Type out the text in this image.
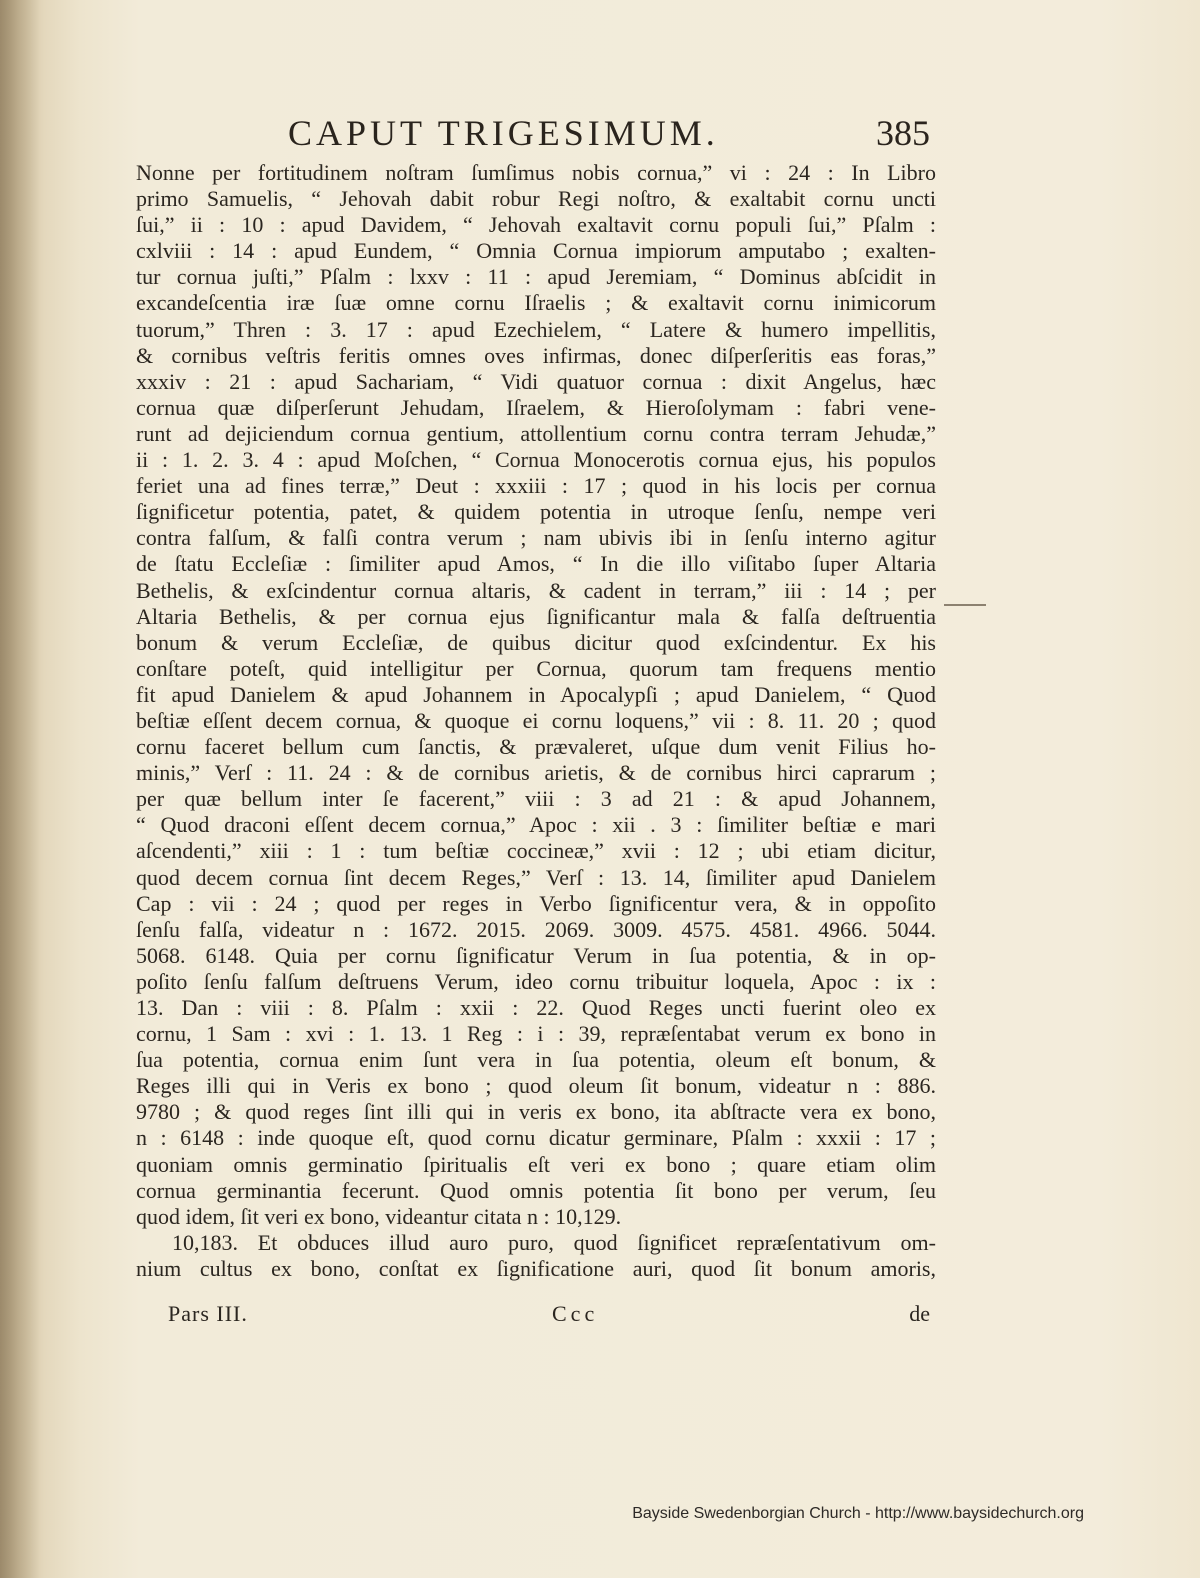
CAPUT TRIGESIMUM.	385
Nonne per fortitudinem noſtram ſumſimus nobis cornua,” vi : 24 : In Libro
primo Samuelis, “ Jehovah dabit robur Regi noſtro, & exaltabit cornu uncti
ſui,” ii : 10 : apud Davidem, “ Jehovah exaltavit cornu populi ſui,” Pſalm :
cxlviii : 14 : apud Eundem, “ Omnia Cornua impiorum amputabo ; exalten-
tur cornua juſti,” Pſalm : lxxv : 11 : apud Jeremiam, “ Dominus abſcidit in
excandeſcentia iræ ſuæ omne cornu Iſraelis ; & exaltavit cornu inimicorum
tuorum,” Thren : 3. 17 : apud Ezechielem, “ Latere & humero impellitis,
& cornibus veſtris feritis omnes oves infirmas, donec diſperſeritis eas foras,”
xxxiv : 21 : apud Sachariam, “ Vidi quatuor cornua : dixit Angelus, hæc
cornua quæ diſperſerunt Jehudam, Iſraelem, & Hieroſolymam : fabri vene-
runt ad dejiciendum cornua gentium, attollentium cornu contra terram Jehudæ,”
ii : 1. 2. 3. 4 : apud Moſchen, “ Cornua Monocerotis cornua ejus, his populos
feriet una ad fines terræ,” Deut : xxxiii : 17 ; quod in his locis per cornua
ſignificetur potentia, patet, & quidem potentia in utroque ſenſu, nempe veri
contra falſum, & falſi contra verum ; nam ubivis ibi in ſenſu interno agitur
de ſtatu Eccleſiæ : ſimiliter apud Amos, “ In die illo viſitabo ſuper Altaria
Bethelis, & exſcindentur cornua altaris, & cadent in terram,” iii : 14 ; per
Altaria Bethelis, & per cornua ejus ſignificantur mala & falſa deſtruentia
bonum & verum Eccleſiæ, de quibus dicitur quod exſcindentur. Ex his
conſtare poteſt, quid intelligitur per Cornua, quorum tam frequens mentio
fit apud Danielem & apud Johannem in Apocalypſi ; apud Danielem, “ Quod
beſtiæ eſſent decem cornua, & quoque ei cornu loquens,” vii : 8. 11. 20 ; quod
cornu faceret bellum cum ſanctis, & prævaleret, uſque dum venit Filius ho-
minis,” Verſ : 11. 24 : & de cornibus arietis, & de cornibus hirci caprarum ;
per quæ bellum inter ſe facerent,” viii : 3 ad 21 : & apud Johannem,
“ Quod draconi eſſent decem cornua,” Apoc : xii . 3 : ſimiliter beſtiæ e mari
aſcendenti,” xiii : 1 : tum beſtiæ coccineæ,” xvii : 12 ; ubi etiam dicitur,
quod decem cornua ſint decem Reges,” Verſ : 13. 14, ſimiliter apud Danielem
Cap : vii : 24 ; quod per reges in Verbo ſignificentur vera, & in oppoſito
ſenſu falſa, videatur n : 1672. 2015. 2069. 3009. 4575. 4581. 4966. 5044.
5068. 6148. Quia per cornu ſignificatur Verum in ſua potentia, & in op-
poſito ſenſu falſum deſtruens Verum, ideo cornu tribuitur loquela, Apoc : ix :
13. Dan : viii : 8. Pſalm : xxii : 22. Quod Reges uncti fuerint oleo ex
cornu, 1 Sam : xvi : 1. 13. 1 Reg : i : 39, repræſentabat verum ex bono in
ſua potentia, cornua enim ſunt vera in ſua potentia, oleum eſt bonum, &
Reges illi qui in Veris ex bono ; quod oleum ſit bonum, videatur n : 886.
9780 ; & quod reges ſint illi qui in veris ex bono, ita abſtracte vera ex bono,
n : 6148 : inde quoque eſt, quod cornu dicatur germinare, Pſalm : xxxii : 17 ;
quoniam omnis germinatio ſpiritualis eſt veri ex bono ; quare etiam olim
cornua germinantia fecerunt. Quod omnis potentia ſit bono per verum, ſeu
quod idem, ſit veri ex bono, videantur citata n : 10,129.
10,183. Et obduces illud auro puro, quod ſignificet repræſentativum om-
nium cultus ex bono, conſtat ex ſignificatione auri, quod ſit bonum amoris,
Pars III.	Ccc	de
Bayside Swedenborgian Church - http://www.baysidechurch.org
